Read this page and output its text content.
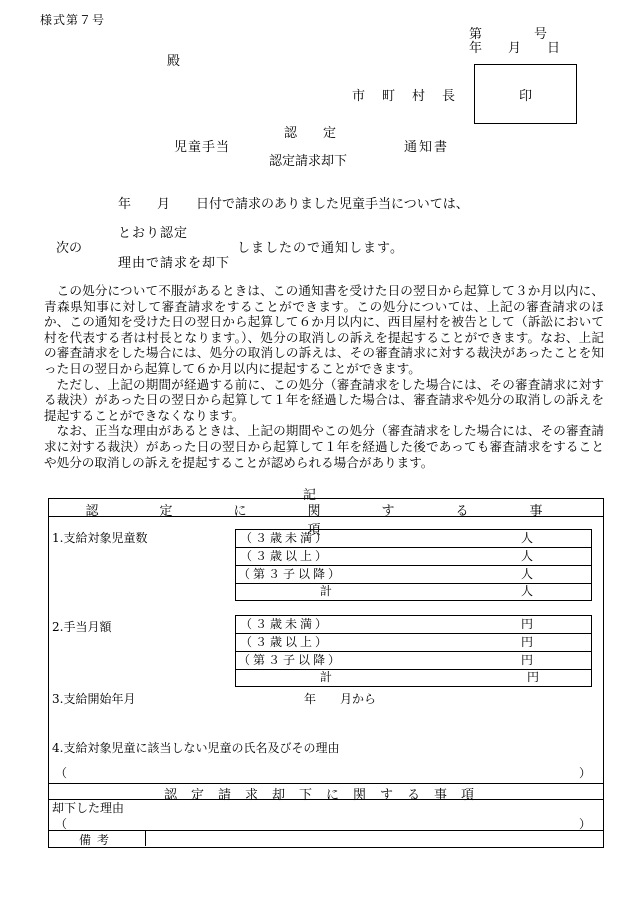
様式第７号
第　　　　号
年　　月　　日
殿
市　町　村　長	印
認　　定
児童手当	通知書
認定請求却下
年　　月　　日付で請求のありました児童手当については、
とおり認定
次の	しましたので通知します。
理由で請求を却下

この処分について不服があるときは、この通知書を受けた日の翌日から起算して３か月以内に、青森県知事に対して審査請求をすることができます。この処分については、上記の審査請求のほか、この通知を受けた日の翌日から起算して６か月以内に、西目屋村を被告として（訴訟において村を代表する者は村長となります。）、処分の取消しの訴えを提起することができます。なお、上記の審査請求をした場合には、処分の取消しの訴えは、その審査請求に対する裁決があったことを知った日の翌日から起算して６か月以内に提起することができます。

ただし、上記の期間が経過する前に、この処分（審査請求をした場合には、その審査請求に対する裁決）があった日の翌日から起算して１年を経過した場合は、審査請求や処分の取消しの訴えを提起することができなくなります。

なお、正当な理由があるときは、上記の期間やこの処分（審査請求をした場合には、その審査請求に対する裁決）があった日の翌日から起算して１年を経過した後であっても審査請求をすることや処分の取消しの訴えを提起することが認められる場合があります。

記
認　定　に　関　す　る　事　項
1.支給対象児童数	（３歳未満）	人
（３歳以上）	人
（第３子以降）	人
計	人
2.手当月額	（３歳未満）	円
（３歳以上）	円
（第３子以降）	円
計	円
3.支給開始年月	年　　月から
4.支給対象児童に該当しない児童の氏名及びその理由
（	）
認定請求却下に関する事項
却下した理由
（	）
備考
